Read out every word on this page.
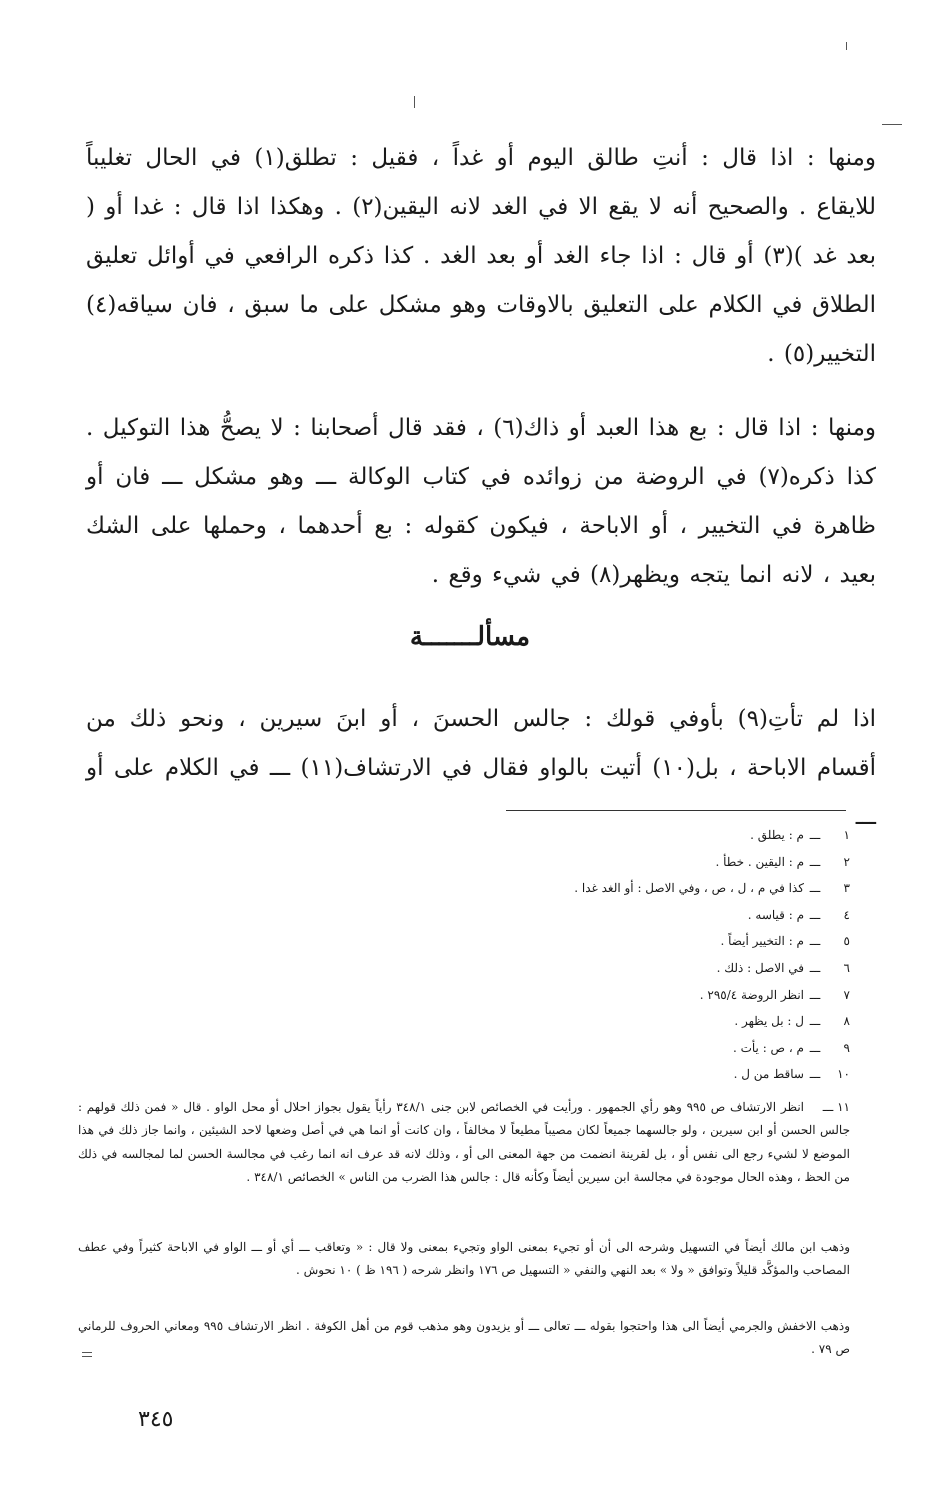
ومنها : اذا قال : أنتِ طالق اليوم أو غداً ، فقيل : تطلق(١) في الحال تغليباً للايقاع . والصحيح أنه لا يقع الا في الغد لانه اليقين(٢) . وهكذا اذا قال : غدا أو ( بعد غد )(٣) أو قال : اذا جاء الغد أو بعد الغد . كذا ذكره الرافعي في أوائل تعليق الطلاق في الكلام على التعليق بالاوقات وهو مشكل على ما سبق ، فان سياقه(٤) التخيير(٥) .

ومنها : اذا قال : بع هذا العبد أو ذاك(٦) ، فقد قال أصحابنا : لا يصحُّ هذا التوكيل . كذا ذكره(٧) في الروضة من زوائده في كتاب الوكالة ـــ وهو مشكل ـــ فان أو ظاهرة في التخيير ، أو الاباحة ، فيكون كقوله : بع أحدهما ، وحملها على الشك بعيد ، لانه انما يتجه ويظهر(٨) في شيء وقع .

مسألـــــــة

اذا لم تأتِ(٩) بأوفي قولك : جالس الحسنَ ، أو ابنَ سيرين ، ونحو ذلك من أقسام الاباحة ، بل(١٠) أتيت بالواو فقال في الارتشاف(١١) ـــ في الكلام على أو ـــ

١
ـــ
م : يطلق .
٢
ـــ
م : اليقين . خطأ .
٣
ـــ
كذا في م ، ل ، ص ، وفي الاصل : أو الغد غدا .
٤
ـــ
م : قياسه .
٥
ـــ
م : التخيير أيضاً .
٦
ـــ
في الاصل : ذلك .
٧
ـــ
انظر الروضة ٢٩٥/٤ .
٨
ـــ
ل : بل يظهر .
٩
ـــ
م ، ص : يأت .
١٠
ـــ
ساقط من ل .

١١ ـــانظر الارتشاف ص ٩٩٥ وهو رأي الجمهور . ورأيت في الخصائص لابن جنى ٣٤٨/١ رأياً يقول بجواز احلال أو محل الواو . قال « فمن ذلك قولهم : جالس الحسن أو ابن سيرين ، ولو جالسهما جميعاً لكان مصيباً مطيعاً لا مخالفاً ، وان كانت أو انما هي في أصل وضعها لاحد الشيئين ، وانما جاز ذلك في هذا الموضع لا لشيء رجع الى نفس أو ، بل لقرينة انضمت من جهة المعنى الى أو ، وذلك لانه قد عرف انه انما رغب في مجالسة الحسن لما لمجالسه في ذلك من الحظ ، وهذه الحال موجودة في مجالسة ابن سيرين أيضاً وكأنه قال : جالس هذا الضرب من الناس » الخصائص ٣٤٨/١ .

وذهب ابن مالك أيضاً في التسهيل وشرحه الى أن أو تجيء بمعنى الواو وتجيء بمعنى ولا قال : « وتعاقب ـــ أي أو ـــ الواو في الاباحة كثيراً وفي عطف المصاحب والمؤكَّد قليلاً وتوافق « ولا » بعد النهي والنفي « التسهيل ص ١٧٦ وانظر شرحه ( ١٩٦ ظ ) ١٠ نحوش .

وذهب الاخفش والجرمي أيضاً الى هذا واحتجوا بقوله ـــ تعالى ـــ أو يزيدون وهو مذهب قوم من أهل الكوفة . انظر الارتشاف ٩٩٥ ومعاني الحروف للرماني ص ٧٩ .

٣٤٥
